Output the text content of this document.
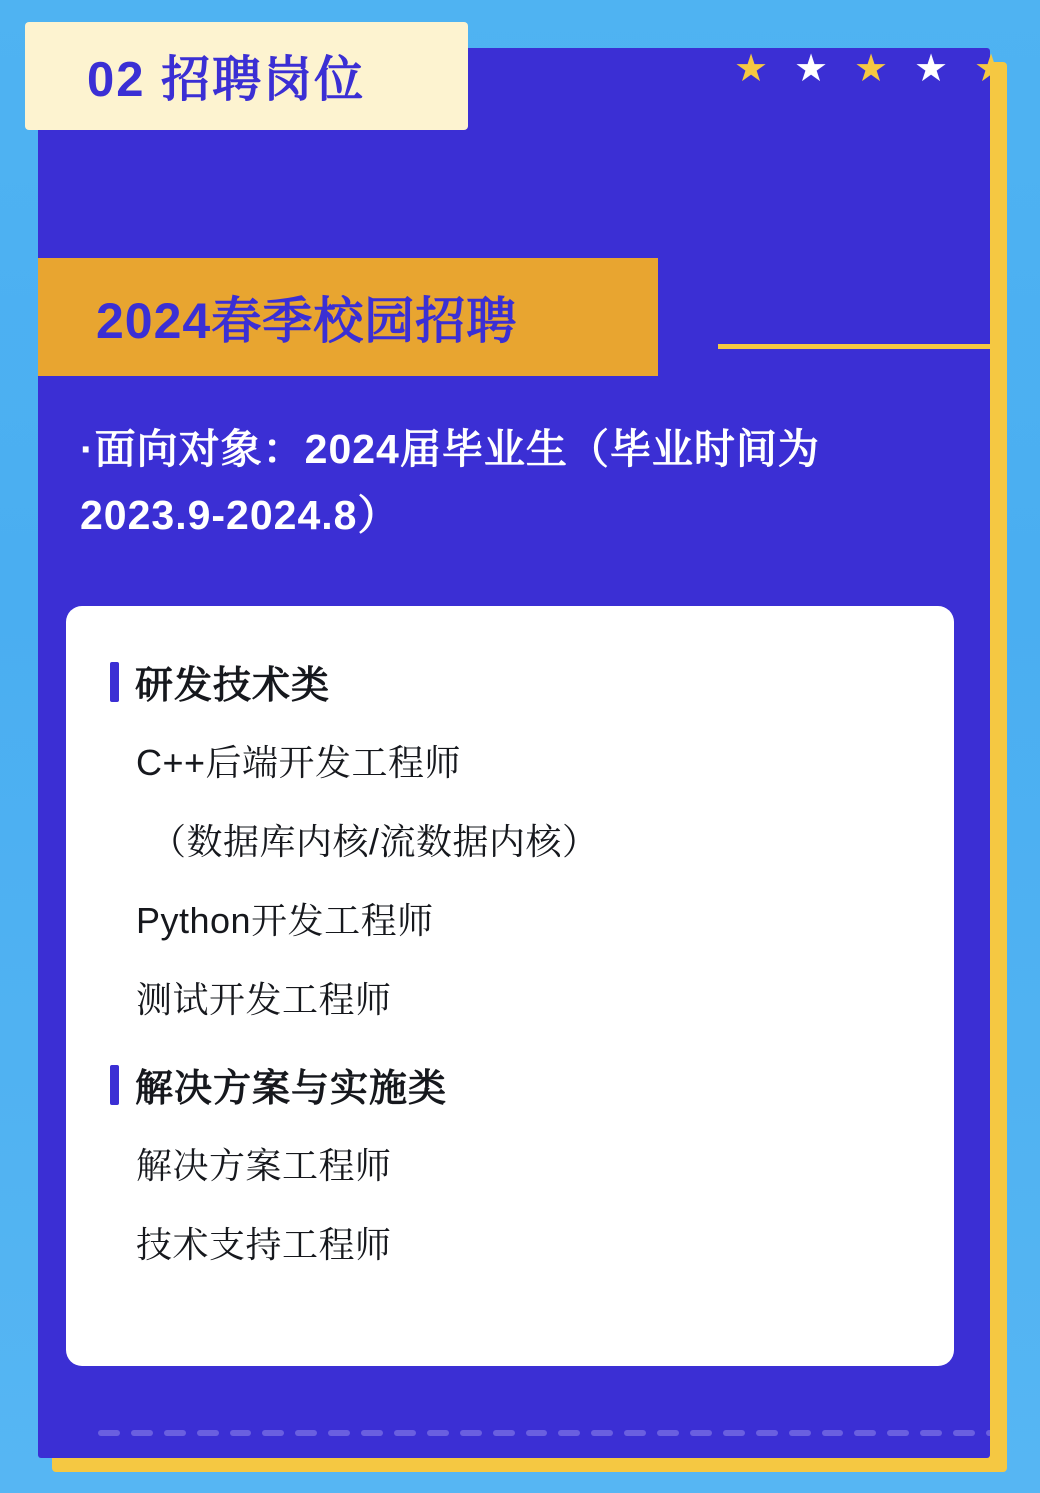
2024春季校园招聘
·面向对象：2024届毕业生（毕业时间为 2023.9-2024.8）
研发技术类
C++后端开发工程师
（数据库内核/流数据内核）
Python开发工程师
测试开发工程师
解决方案与实施类
解决方案工程师
技术支持工程师
★ ★ ★ ★ ★
02 招聘岗位
